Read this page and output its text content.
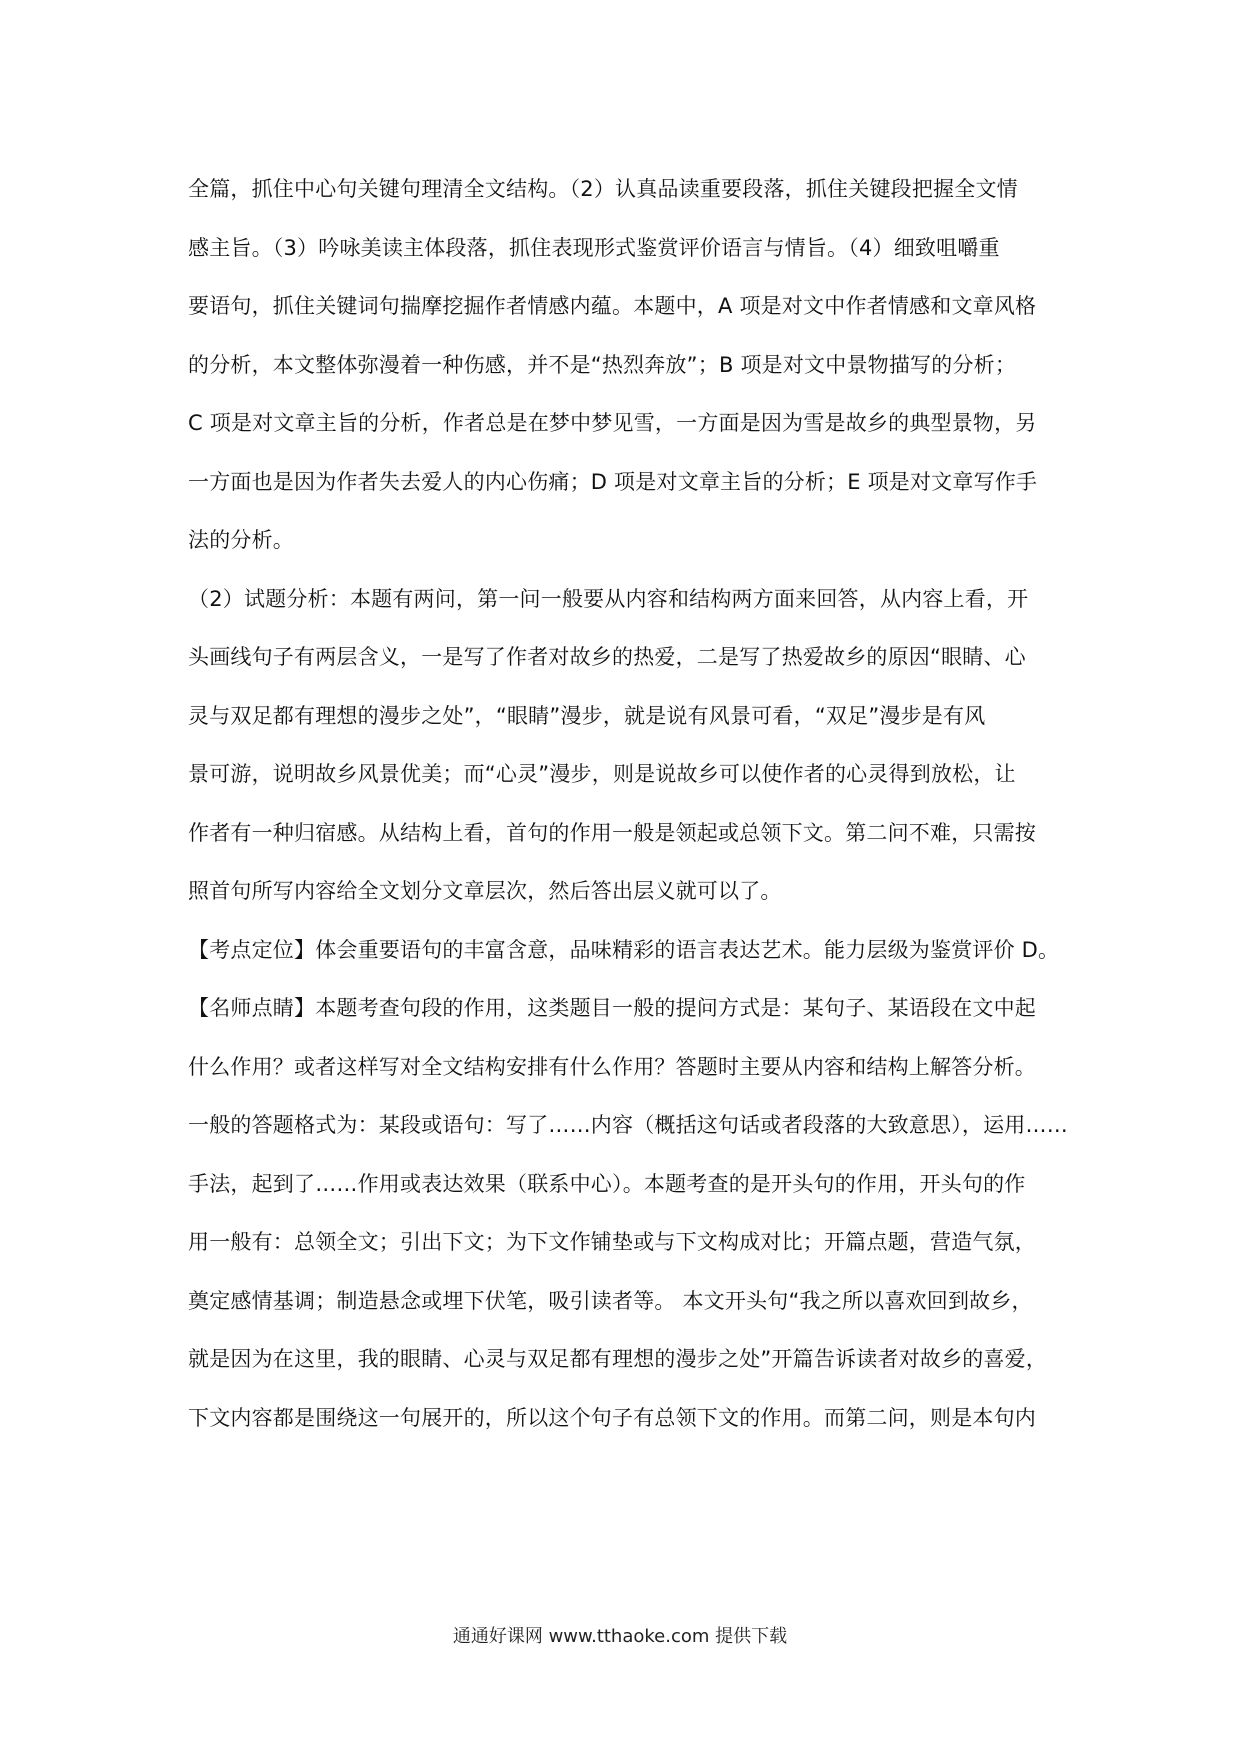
全篇，抓住中心句关键句理清全文结构。（2）认真品读重要段落，抓住关键段把握全文情
感主旨。（3）吟咏美读主体段落，抓住表现形式鉴赏评价语言与情旨。（4）细致咀嚼重
要语句，抓住关键词句揣摩挖掘作者情感内蕴。本题中，A 项是对文中作者情感和文章风格
的分析，本文整体弥漫着一种伤感，并不是“热烈奔放”；B 项是对文中景物描写的分析；
C 项是对文章主旨的分析，作者总是在梦中梦见雪，一方面是因为雪是故乡的典型景物，另
一方面也是因为作者失去爱人的内心伤痛；D 项是对文章主旨的分析；E 项是对文章写作手
法的分析。
（2）试题分析：本题有两问，第一问一般要从内容和结构两方面来回答，从内容上看，开
头画线句子有两层含义，一是写了作者对故乡的热爱，二是写了热爱故乡的原因“眼睛、心
灵与双足都有理想的漫步之处”，“眼睛”漫步，就是说有风景可看，“双足”漫步是有风
景可游，说明故乡风景优美；而“心灵”漫步，则是说故乡可以使作者的心灵得到放松，让
作者有一种归宿感。从结构上看，首句的作用一般是领起或总领下文。第二问不难，只需按
照首句所写内容给全文划分文章层次，然后答出层义就可以了。
【考点定位】体会重要语句的丰富含意，品味精彩的语言表达艺术。能力层级为鉴赏评价 D。
【名师点睛】本题考查句段的作用，这类题目一般的提问方式是：某句子、某语段在文中起
什么作用？或者这样写对全文结构安排有什么作用？答题时主要从内容和结构上解答分析。
一般的答题格式为：某段或语句：写了……内容（概括这句话或者段落的大致意思），运用……
手法，起到了……作用或表达效果（联系中心）。本题考查的是开头句的作用，开头句的作
用一般有：总领全文；引出下文；为下文作铺垫或与下文构成对比；开篇点题，营造气氛，
奠定感情基调；制造悬念或埋下伏笔，吸引读者等。 本文开头句“我之所以喜欢回到故乡，
就是因为在这里，我的眼睛、心灵与双足都有理想的漫步之处”开篇告诉读者对故乡的喜爱，
下文内容都是围绕这一句展开的，所以这个句子有总领下文的作用。而第二问，则是本句内
通通好课网 www.tthaoke.com 提供下载
